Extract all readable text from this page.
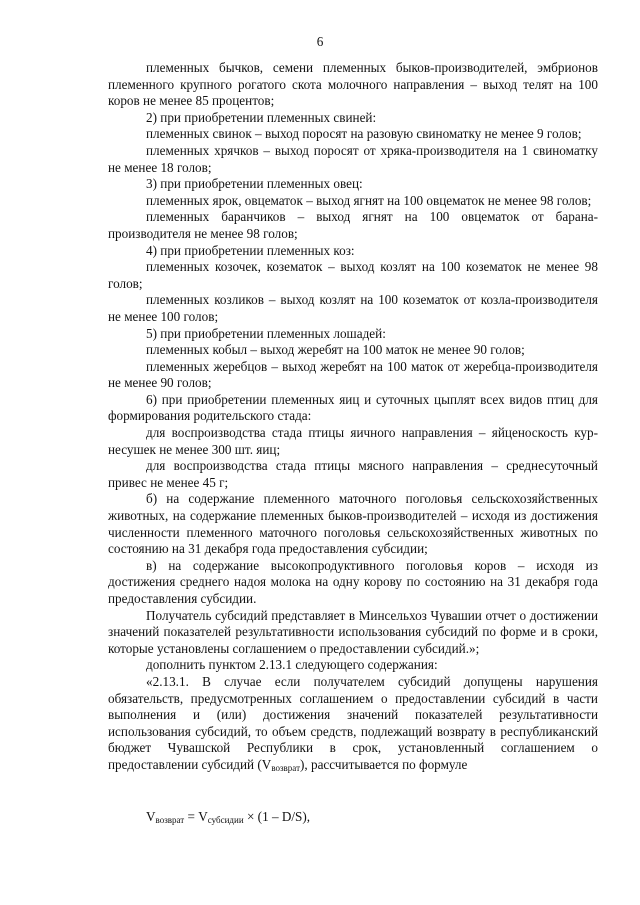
6

племенных бычков, семени племенных быков-производителей, эмбрионов племенного крупного рогатого скота молочного направления – выход телят на 100 коров не менее 85 процентов;

2) при приобретении племенных свиней:

племенных свинок – выход поросят на разовую свиноматку не менее 9 голов;

племенных хрячков – выход поросят от хряка-производителя на 1 свиноматку не менее 18 голов;

3) при приобретении племенных овец:

племенных ярок, овцематок – выход ягнят на 100 овцематок не менее 98 голов;

племенных баранчиков – выход ягнят на 100 овцематок от барана-производителя не менее 98 голов;

4) при приобретении племенных коз:

племенных козочек, козематок – выход козлят на 100 козематок не менее 98 голов;

племенных козликов – выход козлят на 100 козематок от козла-производителя не менее 100 голов;

5) при приобретении племенных лошадей:

племенных кобыл – выход жеребят на 100 маток не менее 90 голов;

племенных жеребцов – выход жеребят на 100 маток от жеребца-производителя не менее 90 голов;

6) при приобретении племенных яиц и суточных цыплят всех видов птиц для формирования родительского стада:

для воспроизводства стада птицы яичного направления – яйценоскость кур-несушек не менее 300 шт. яиц;

для воспроизводства стада птицы мясного направления – среднесуточный привес не менее 45 г;

б) на содержание племенного маточного поголовья сельскохозяйственных животных, на содержание племенных быков-производителей – исходя из достижения численности племенного маточного поголовья сельскохозяйственных животных по состоянию на 31 декабря года предоставления субсидии;

в) на содержание высокопродуктивного поголовья коров – исходя из достижения среднего надоя молока на одну корову по состоянию на 31 декабря года предоставления субсидии.

Получатель субсидий представляет в Минсельхоз Чувашии отчет о достижении значений показателей результативности использования субсидий по форме и в сроки, которые установлены соглашением о предоставлении субсидий.»;

дополнить пунктом 2.13.1 следующего содержания:

«2.13.1. В случае если получателем субсидий допущены нарушения обязательств, предусмотренных соглашением о предоставлении субсидий в части выполнения и (или) достижения значений показателей результативности использования субсидий, то объем средств, подлежащий возврату в республиканский бюджет Чувашской Республики в срок, установленный соглашением о предоставлении субсидий $(V_{возврат})$, рассчитывается по формуле

$V_{возврат} = V_{субсидии} \times (1 - D/S)$,
